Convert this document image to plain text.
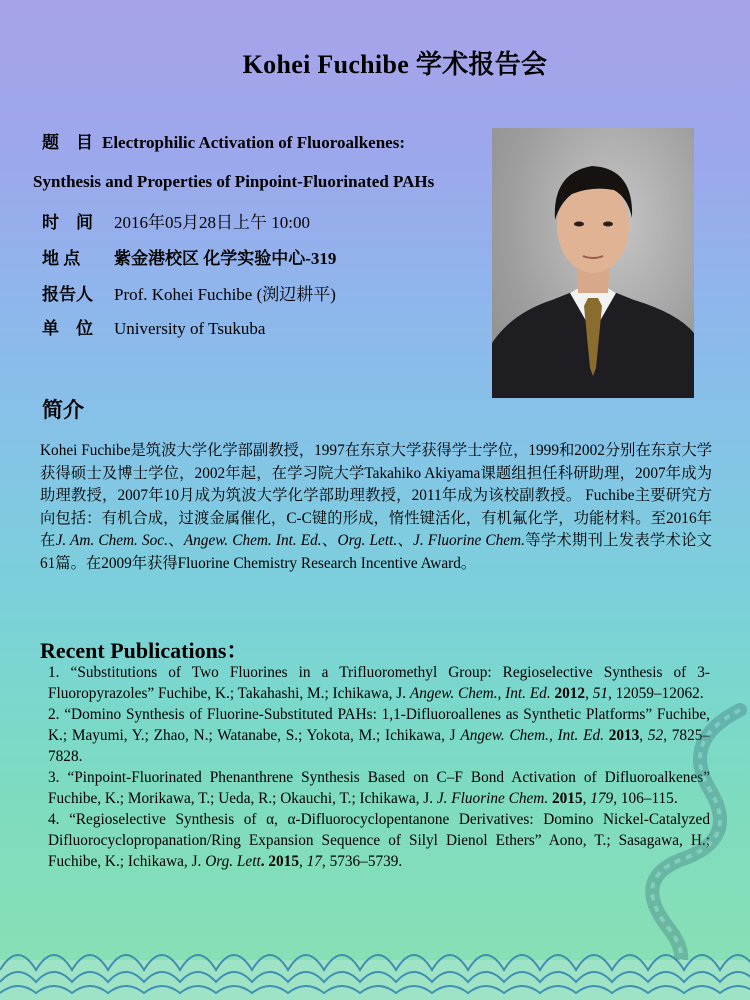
Kohei Fuchibe 学术报告会
题　目 Electrophilic Activation of Fluoroalkenes:
Synthesis and Properties of Pinpoint-Fluorinated PAHs
时　间 2016年05月28日上午 10:00
地 点 紫金港校区 化学实验中心-319
报告人 Prof. Kohei Fuchibe (渕辺耕平)
单　位 University of Tsukuba
简介
Kohei Fuchibe是筑波大学化学部副教授，1997在东京大学获得学士学位，1999和2002分别在东京大学获得硕士及博士学位，2002年起，在学习院大学Takahiko Akiyama课题组担任科研助理，2007年成为助理教授，2007年10月成为筑波大学化学部助理教授，2011年成为该校副教授。 Fuchibe主要研究方向包括：有机合成，过渡金属催化，C-C键的形成，惰性键活化，有机氟化学，功能材料。至2016年在J. Am. Chem. Soc.、Angew. Chem. Int. Ed.、Org. Lett.、J. Fluorine Chem.等学术期刊上发表学术论文61篇。在2009年获得Fluorine Chemistry Research Incentive Award。
Recent Publications：

1. “Substitutions of Two Fluorines in a Trifluoromethyl Group: Regioselective Synthesis of 3-Fluoropyrazoles” Fuchibe, K.; Takahashi, M.; Ichikawa, J. Angew. Chem., Int. Ed. 2012, 51, 12059–12062.

2. “Domino Synthesis of Fluorine-Substituted PAHs: 1,1-Difluoroallenes as Synthetic Platforms” Fuchibe, K.; Mayumi, Y.; Zhao, N.; Watanabe, S.; Yokota, M.; Ichikawa, J Angew. Chem., Int. Ed. 2013, 52, 7825–7828.

3. “Pinpoint-Fluorinated Phenanthrene Synthesis Based on C–F Bond Activation of Difluoroalkenes” Fuchibe, K.; Morikawa, T.; Ueda, R.; Okauchi, T.; Ichikawa, J. J. Fluorine Chem. 2015, 179, 106–115.

4. “Regioselective Synthesis of α, α-Difluorocyclopentanone Derivatives: Domino Nickel-Catalyzed Difluorocyclopropanation/Ring Expansion Sequence of Silyl Dienol Ethers” Aono, T.; Sasagawa, H.; Fuchibe, K.; Ichikawa, J. Org. Lett. 2015, 17, 5736–5739.
